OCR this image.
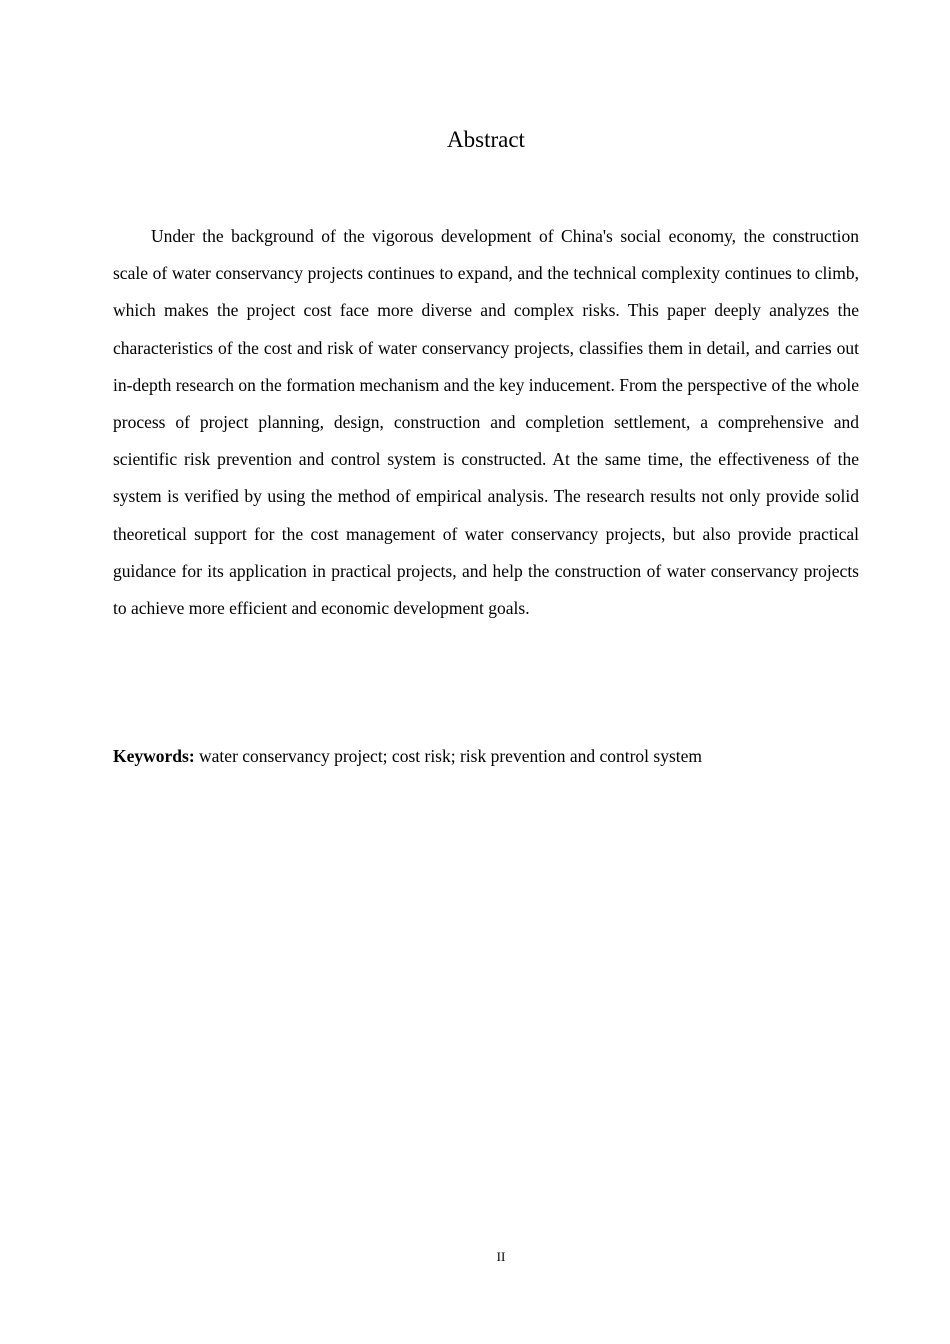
Abstract

Under the background of the vigorous development of China's social economy, the construction scale of water conservancy projects continues to expand, and the technical complexity continues to climb, which makes the project cost face more diverse and complex risks. This paper deeply analyzes the characteristics of the cost and risk of water conservancy projects, classifies them in detail, and carries out in-depth research on the formation mechanism and the key inducement. From the perspective of the whole process of project planning, design, construction and completion settlement, a comprehensive and scientific risk prevention and control system is constructed. At the same time, the effectiveness of the system is verified by using the method of empirical analysis. The research results not only provide solid theoretical support for the cost management of water conservancy projects, but also provide practical guidance for its application in practical projects, and help the construction of water conservancy projects to achieve more efficient and economic development goals.

Keywords: water conservancy project; cost risk; risk prevention and control system

II
